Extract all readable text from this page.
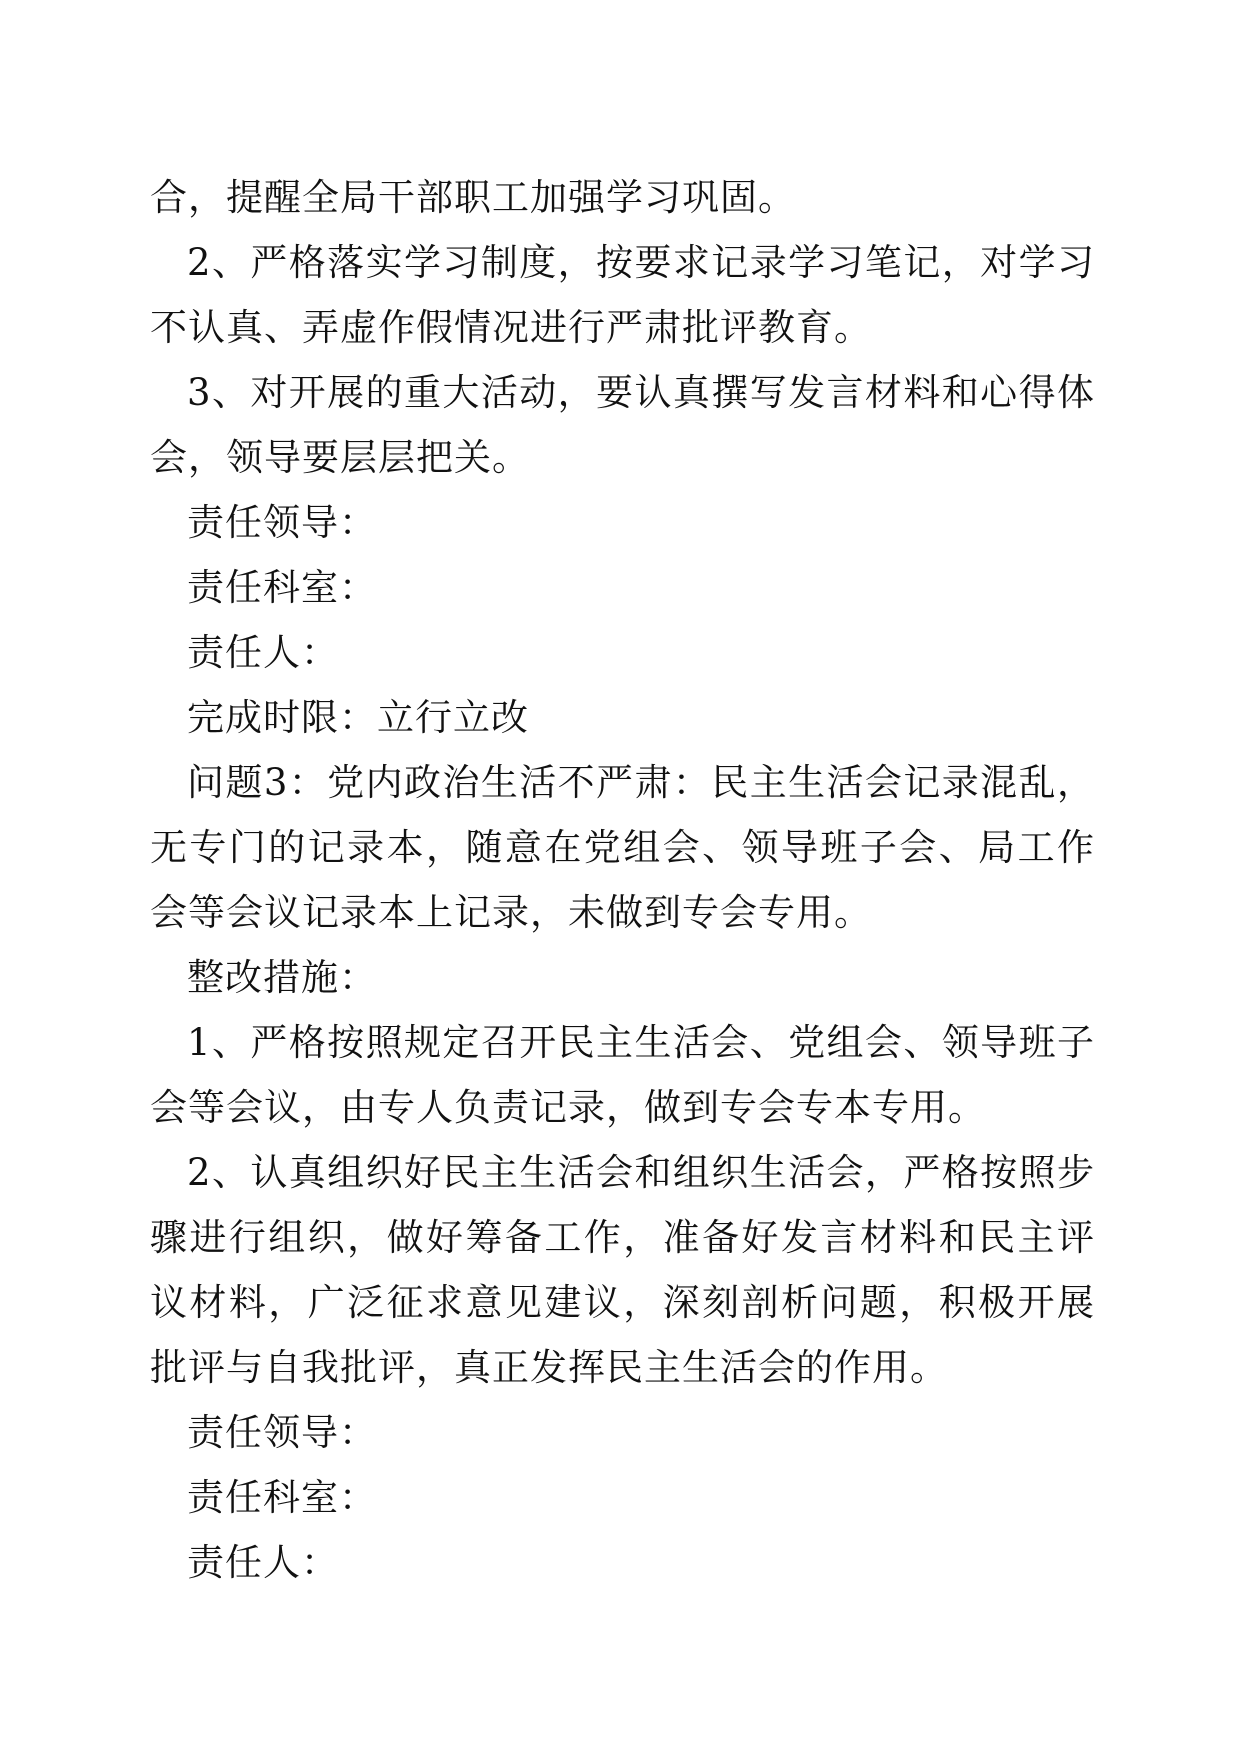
合，提醒全局干部职工加强学习巩固。

2、严格落实学习制度，按要求记录学习笔记，对学习不认真、弄虚作假情况进行严肃批评教育。

3、对开展的重大活动，要认真撰写发言材料和心得体会，领导要层层把关。

责任领导：

责任科室：

责任人：

完成时限：立行立改

问题3：党内政治生活不严肃：民主生活会记录混乱，无专门的记录本，随意在党组会、领导班子会、局工作会等会议记录本上记录，未做到专会专用。

整改措施：

1、严格按照规定召开民主生活会、党组会、领导班子会等会议，由专人负责记录，做到专会专本专用。

2、认真组织好民主生活会和组织生活会，严格按照步骤进行组织，做好筹备工作，准备好发言材料和民主评议材料，广泛征求意见建议，深刻剖析问题，积极开展批评与自我批评，真正发挥民主生活会的作用。

责任领导：

责任科室：

责任人：
